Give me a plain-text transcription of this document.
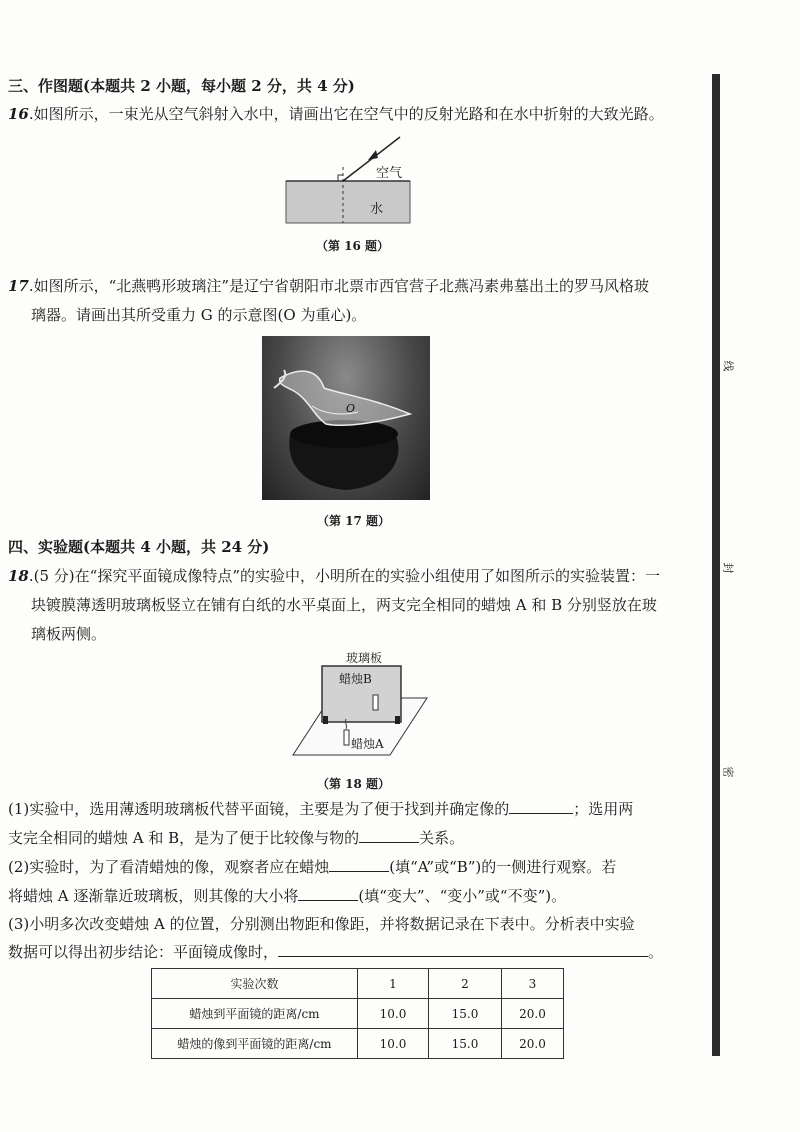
三、作图题(本题共 2 小题，每小题 2 分，共 4 分)
16.如图所示，一束光从空气斜射入水中，请画出它在空气中的反射光路和在水中折射的大致光路。
空气
水
（第 16 题）
17.如图所示，“北燕鸭形玻璃注”是辽宁省朝阳市北票市西官营子北燕冯素弗墓出土的罗马风格玻
璃器。请画出其所受重力 G 的示意图(O 为重心)。
O
（第 17 题）
四、实验题(本题共 4 小题，共 24 分)
18.(5 分)在“探究平面镜成像特点”的实验中，小明所在的实验小组使用了如图所示的实验装置：一
块镀膜薄透明玻璃板竖立在铺有白纸的水平桌面上，两支完全相同的蜡烛 A 和 B 分别竖放在玻
璃板两侧。
玻璃板
蜡烛B
蜡烛A
（第 18 题）
(1)实验中，选用薄透明玻璃板代替平面镜，主要是为了便于找到并确定像的	；选用两
支完全相同的蜡烛 A 和 B，是为了便于比较像与物的	关系。
(2)实验时，为了看清蜡烛的像，观察者应在蜡烛	(填“A”或“B”)的一侧进行观察。若
将蜡烛 A 逐渐靠近玻璃板，则其像的大小将	(填“变大”、“变小”或“不变”)。
(3)小明多次改变蜡烛 A 的位置，分别测出物距和像距，并将数据记录在下表中。分析表中实验
数据可以得出初步结论：平面镜成像时，	。
实验次数	1	2	3
蜡烛到平面镜的距离/cm	10.0	15.0	20.0
蜡烛的像到平面镜的距离/cm	10.0	15.0	20.0
线
封
密
